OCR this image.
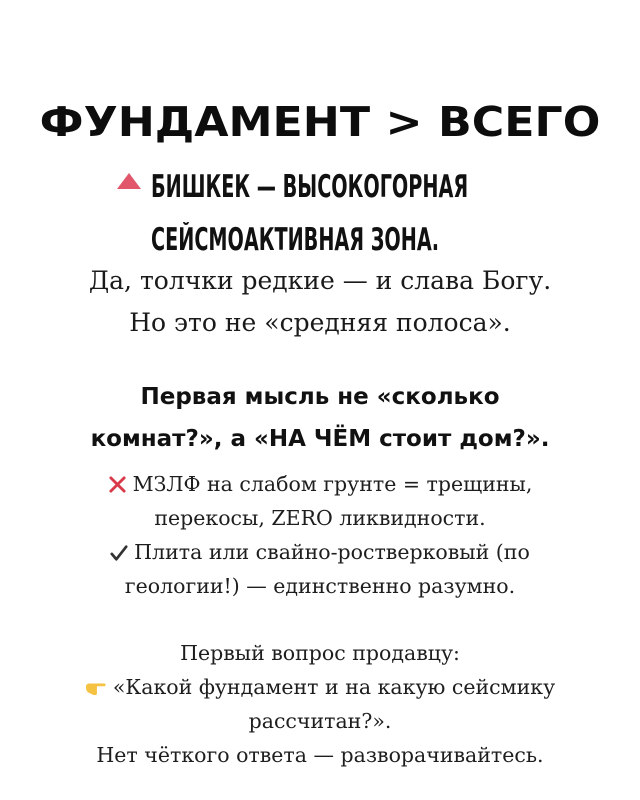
ФУНДАМЕНТ > ВСЕГО
БИШКЕК — ВЫСОКОГОРНАЯ
СЕЙСМОАКТИВНАЯ ЗОНА.
Да, толчки редкие — и слава Богу.
Но это не «средняя полоса».
Первая мысль не «сколько
комнат?», а «НА ЧЁМ стоит дом?».
МЗЛФ на слабом грунте = трещины,
перекосы, ZERO ликвидности.
Плита или свайно-ростверковый (по
геологии!) — единственно разумно.
Первый вопрос продавцу:
«Какой фундамент и на какую сейсмику
рассчитан?».
Нет чёткого ответа — разворачивайтесь.
